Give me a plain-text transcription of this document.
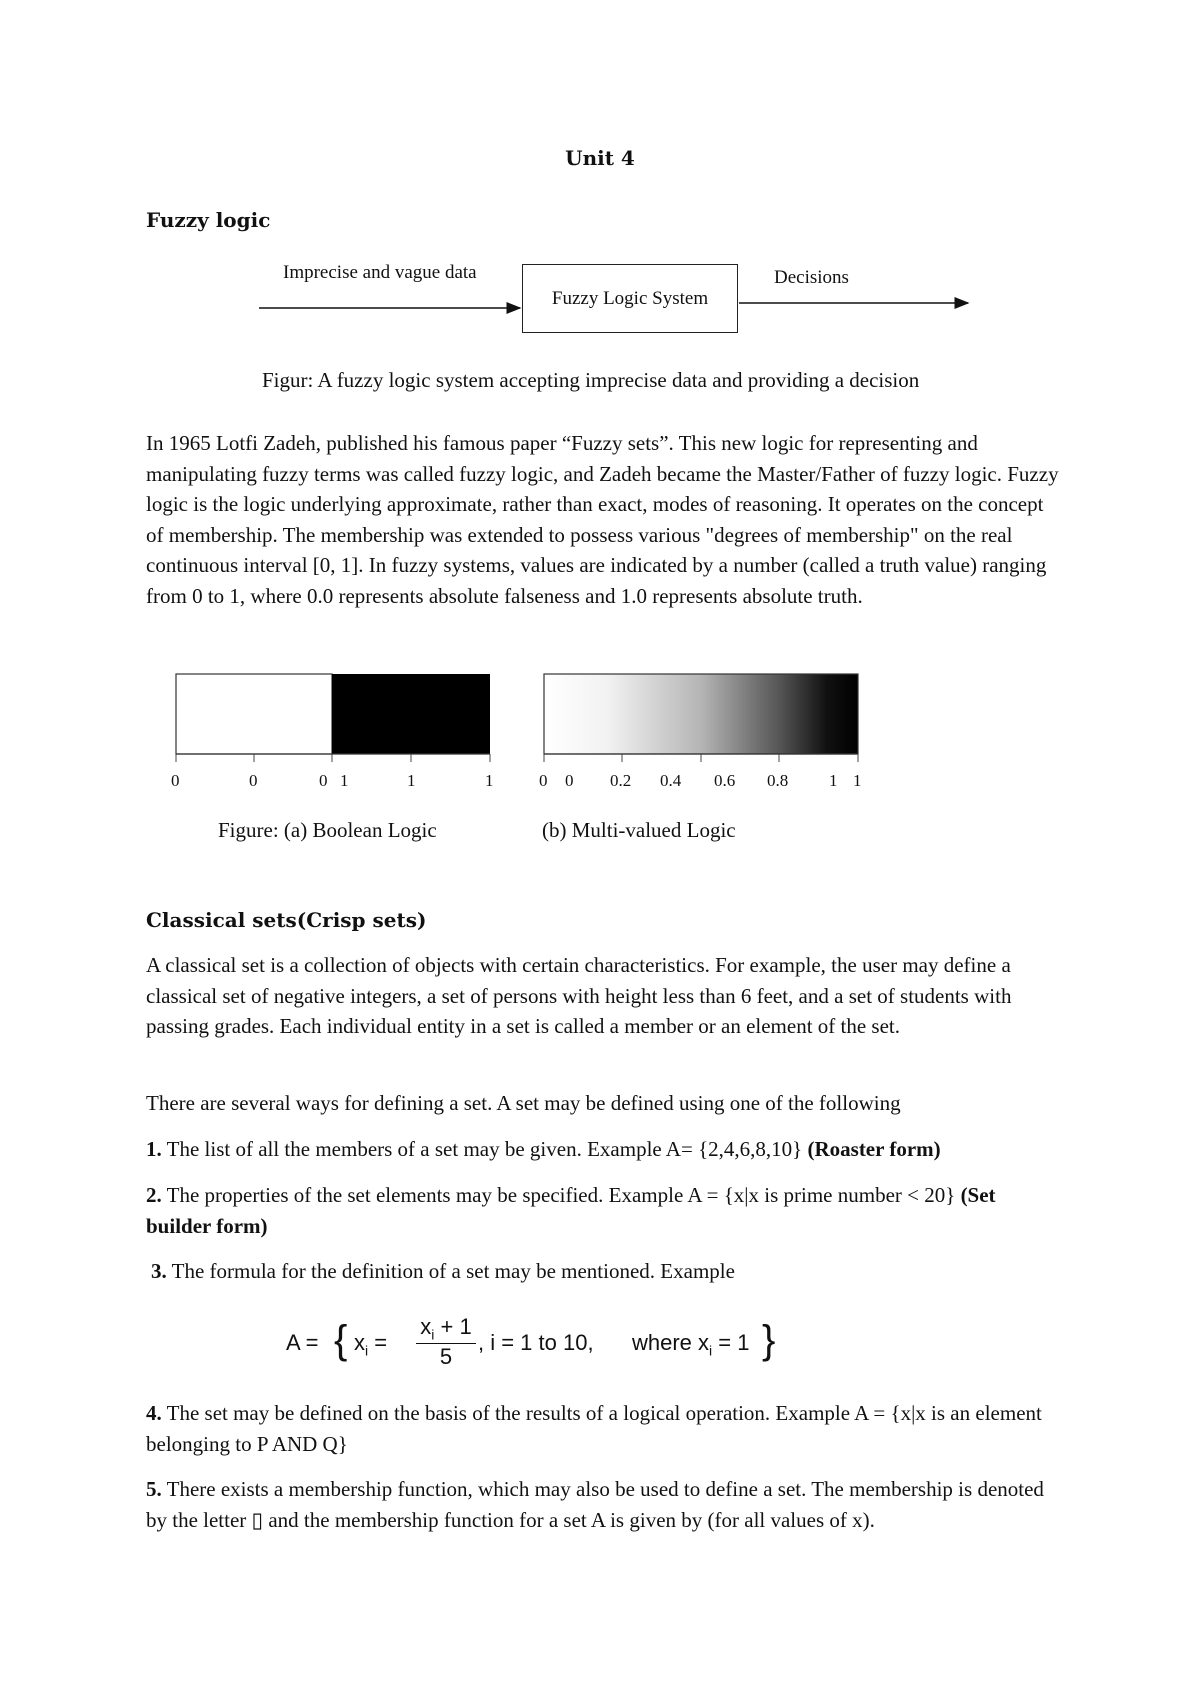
Unit 4
Fuzzy logic
Imprecise and vague data
Fuzzy Logic System
Decisions
Figur: A fuzzy logic system accepting imprecise data and providing a decision
In 1965 Lotfi Zadeh, published his famous paper “Fuzzy sets”. This new logic for representing and manipulating fuzzy terms was called fuzzy logic, and Zadeh became the Master/Father of fuzzy logic. Fuzzy logic is the logic underlying approximate, rather than exact, modes of reasoning. It operates on the concept of membership. The membership was extended to possess various "degrees of membership" on the real continuous interval [0, 1]. In fuzzy systems, values are indicated by a number (called a truth value) ranging from 0 to 1, where 0.0 represents absolute falseness and 1.0 represents absolute truth.
0	0	0 1	1	1	0 0 0.2 0.4 0.6 0.8 1 1
Figure: (a) Boolean Logic	(b) Multi-valued Logic
Classical sets(Crisp sets)
A classical set is a collection of objects with certain characteristics. For example, the user may define a classical set of negative integers, a set of persons with height less than 6 feet, and a set of students with passing grades. Each individual entity in a set is called a member or an element of the set.
There are several ways for defining a set. A set may be defined using one of the following
1. The list of all the members of a set may be given. Example A= {2,4,6,8,10} (Roaster form)
2. The properties of the set elements may be specified. Example A = {x|x is prime number < 20} (Set builder form)
3. The formula for the definition of a set may be mentioned. Example
A = { $x_i = \frac{x_i + 1}{5}$ , i = 1 to 10, where $x_i = 1$ }
4. The set may be defined on the basis of the results of a logical operation. Example A = {x|x is an element belonging to P AND Q}
5. There exists a membership function, which may also be used to define a set. The membership is denoted by the letter ▯ and the membership function for a set A is given by (for all values of x).
